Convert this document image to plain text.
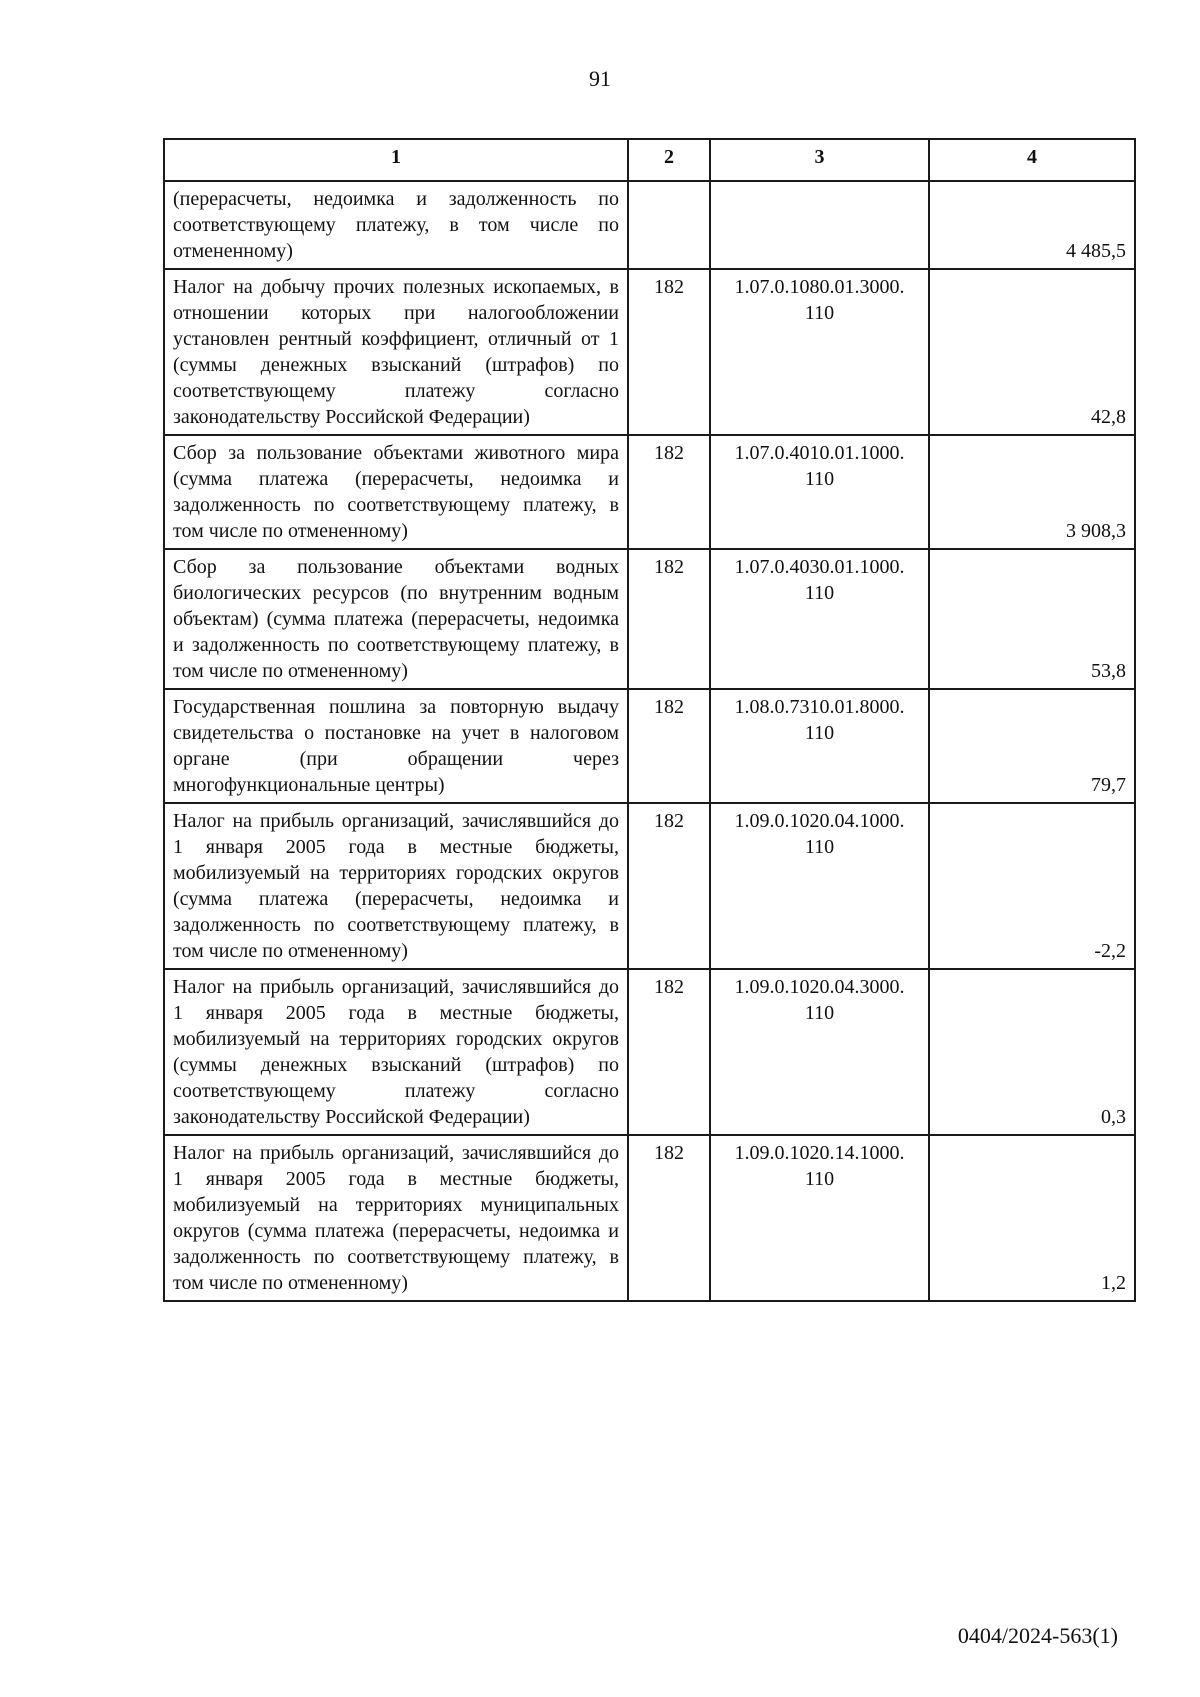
91
1	2	3	4
(перерасчеты, недоимка и задолженность по соответствующему платежу, в том числе по отмененному)			4 485,5
Налог на добычу прочих полезных ископаемых, в отношении которых при налогообложении установлен рентный коэффициент, отличный от 1 (суммы денежных взысканий (штрафов) по соответствующему платежу согласно законодательству Российской Федерации)	182	1.07.0.1080.01.3000. 110	42,8
Сбор за пользование объектами животного мира (сумма платежа (перерасчеты, недоимка и задолженность по соответствующему платежу, в том числе по отмененному)	182	1.07.0.4010.01.1000. 110	3 908,3
Сбор за пользование объектами водных биологических ресурсов (по внутренним водным объектам) (сумма платежа (перерасчеты, недоимка и задолженность по соответствующему платежу, в том числе по отмененному)	182	1.07.0.4030.01.1000. 110	53,8
Государственная пошлина за повторную выдачу свидетельства о постановке на учет в налоговом органе (при обращении через многофункциональные центры)	182	1.08.0.7310.01.8000. 110	79,7
Налог на прибыль организаций, зачислявшийся до 1 января 2005 года в местные бюджеты, мобилизуемый на территориях городских округов (сумма платежа (перерасчеты, недоимка и задолженность по соответствующему платежу, в том числе по отмененному)	182	1.09.0.1020.04.1000. 110	-2,2
Налог на прибыль организаций, зачислявшийся до 1 января 2005 года в местные бюджеты, мобилизуемый на территориях городских округов (суммы денежных взысканий (штрафов) по соответствующему платежу согласно законодательству Российской Федерации)	182	1.09.0.1020.04.3000. 110	0,3
Налог на прибыль организаций, зачислявшийся до 1 января 2005 года в местные бюджеты, мобилизуемый на территориях муниципальных округов (сумма платежа (перерасчеты, недоимка и задолженность по соответствующему платежу, в том числе по отмененному)	182	1.09.0.1020.14.1000. 110	1,2
0404/2024-563(1)
